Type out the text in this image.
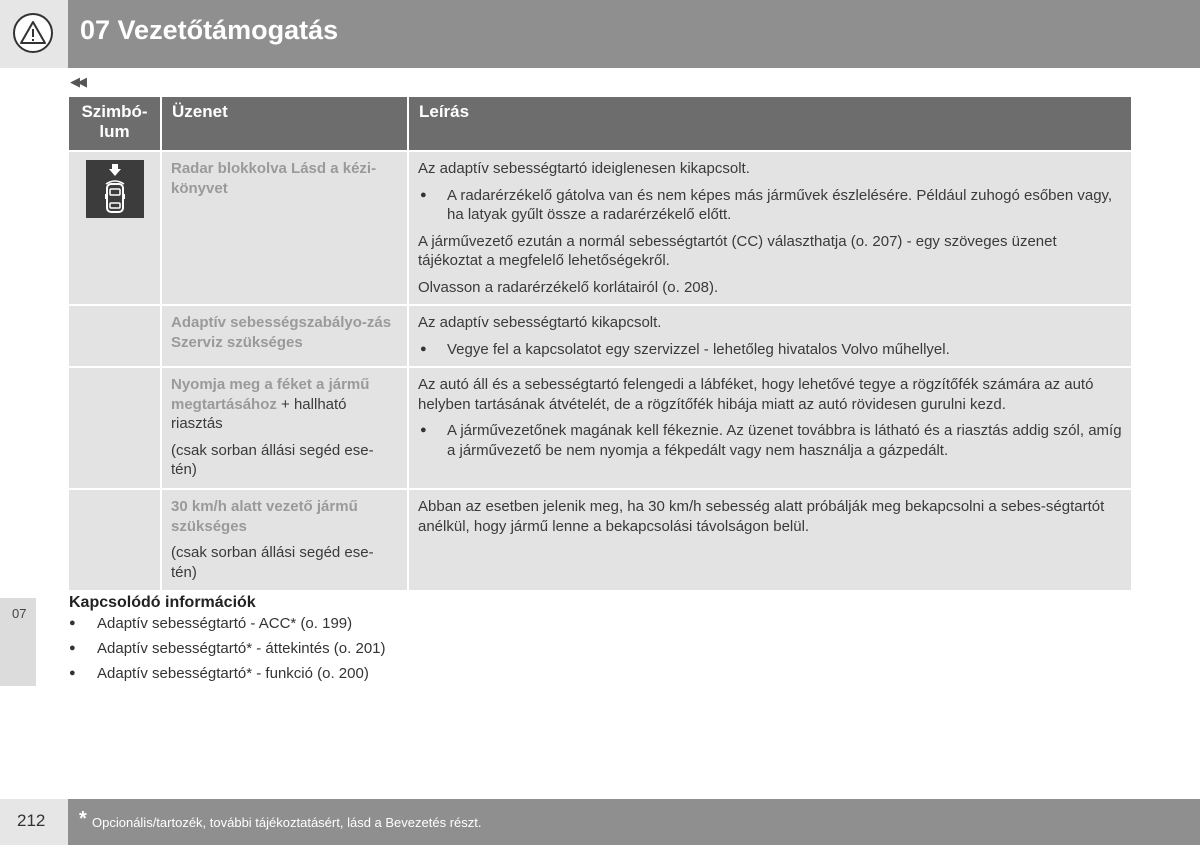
07 Vezetőtámogatás
◀◀
Szimbó-
lum
Üzenet	Leírás
Radar blokkolva Lásd a kézi-könyvet

Az adaptív sebességtartó ideiglenesen kikapcsolt.

● A radarérzékelő gátolva van és nem képes más járművek észlelésére. Például zuhogó esőben vagy, ha latyak gyűlt össze a radarérzékelő előtt.

A járművezető ezután a normál sebességtartót (CC) választhatja (o. 207) - egy szöveges üzenet tájékoztat a megfelelő lehetőségekről.

Olvasson a radarérzékelő korlátairól (o. 208).

Adaptív sebességszabályo-zás Szerviz szükséges

Az adaptív sebességtartó kikapcsolt.

● Vegye fel a kapcsolatot egy szervizzel - lehetőleg hivatalos Volvo műhellyel.
Nyomja meg a féket a jármű megtartásához + hallható riasztás
(csak sorban állási segéd ese-tén)

Az autó áll és a sebességtartó felengedi a lábféket, hogy lehetővé tegye a rögzítőfék számára az autó helyben tartásának átvételét, de a rögzítőfék hibája miatt az autó rövidesen gurulni kezd.

● A járművezetőnek magának kell fékeznie. Az üzenet továbbra is látható és a riasztás addig szól, amíg a járművezető be nem nyomja a fékpedált vagy nem használja a gázpedált.
30 km/h alatt vezető jármű szükséges
(csak sorban állási segéd ese-tén)

Abban az esetben jelenik meg, ha 30 km/h sebesség alatt próbálják meg bekapcsolni a sebes-ségtartót anélkül, hogy jármű lenne a bekapcsolási távolságon belül.

Kapcsolódó információk
● Adaptív sebességtartó - ACC* (o. 199)
● Adaptív sebességtartó* - áttekintés (o. 201)
● Adaptív sebességtartó* - funkció (o. 200)
07
212 * Opcionális/tartozék, további tájékoztatásért, lásd a Bevezetés részt.
